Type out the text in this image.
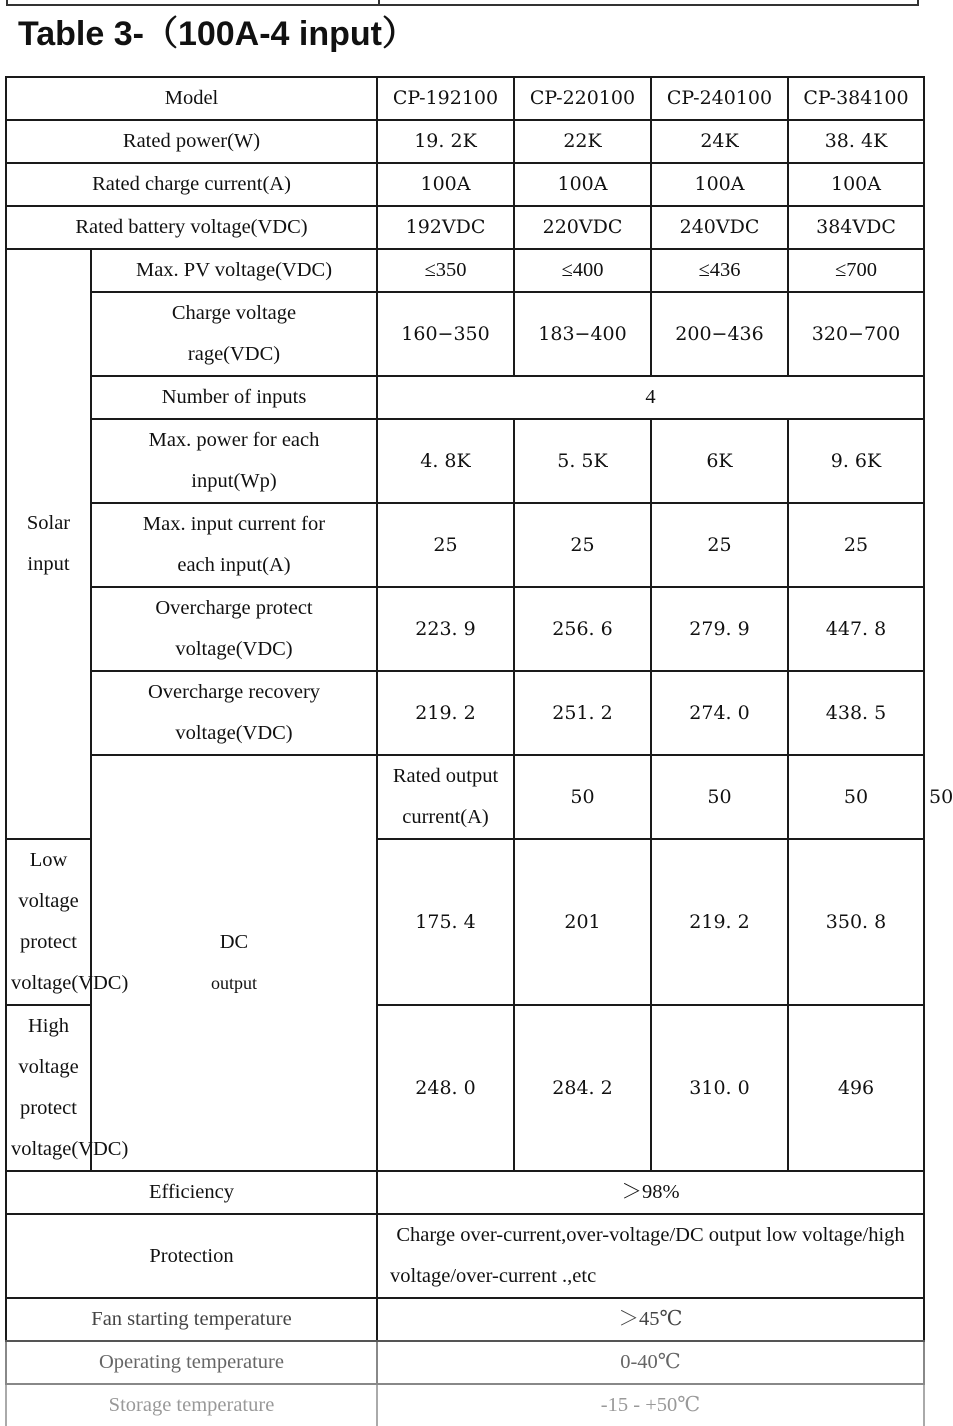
Table 3-（100A-4 input）
Model		CP-192100	CP-220100	CP-240100	CP-384100	
Rated power(W)		19. 2K	22K	24K	38. 4K	
Rated charge current(A)		100A	100A	100A	100A	
Rated battery voltage(VDC)		192VDC	220VDC	240VDC	384VDC	
Solar
input	Max. PV voltage(VDC)	≤350	≤400	≤436	≤700	
	Charge voltage
rage(VDC)	160−350	183−400	200−436	320−700	
	Number of inputs	4				
	Max. power for each
input(Wp)	4. 8K	5. 5K	6K	9. 6K	
	Max. input current for
each input(A)	25	25	25	25	
	Overcharge protect
voltage(VDC)	223. 9	256. 6	279. 9	447. 8	
	Overcharge recovery
voltage(VDC)	219. 2	251. 2	274. 0	438. 5	
	DC
output	Rated output current(A)	50	50	50	50
Low voltage protect
voltage(VDC)		175. 4	201	219. 2	350. 8	
High voltage protect
voltage(VDC)		248. 0	284. 2	310. 0	496	
Efficiency		＞98%				
Protection		Charge over-current,over-voltage/DC output low voltage/high voltage/over-current .,etc				
Fan starting temperature		＞45℃				
Operating temperature		0-40℃				
Storage temperature		-15 - +50℃				
